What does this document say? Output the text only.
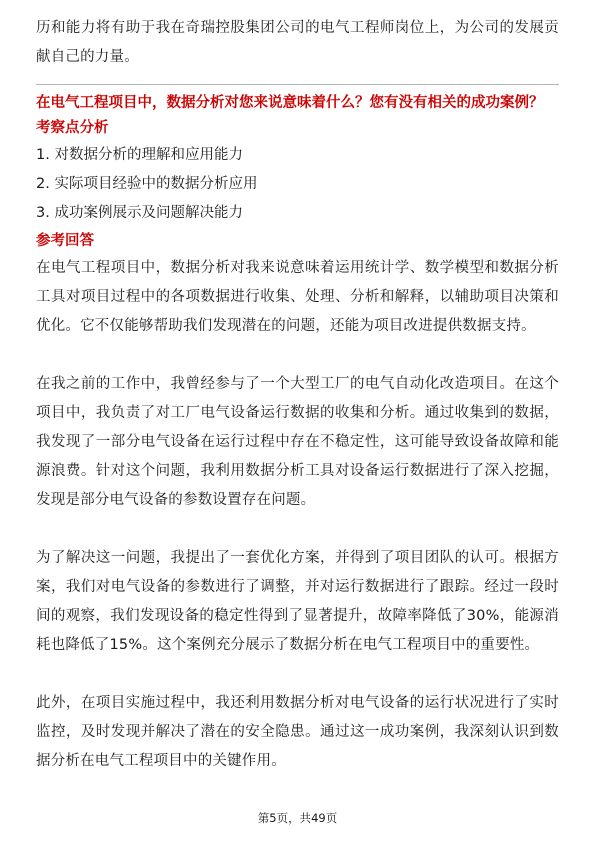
历和能力将有助于我在奇瑞控股集团公司的电气工程师岗位上，为公司的发展贡献自己的力量。

在电气工程项目中，数据分析对您来说意味着什么？您有没有相关的成功案例？

考察点分析

1. 对数据分析的理解和应用能力
2. 实际项目经验中的数据分析应用
3. 成功案例展示及问题解决能力

参考回答

在电气工程项目中，数据分析对我来说意味着运用统计学、数学模型和数据分析工具对项目过程中的各项数据进行收集、处理、分析和解释，以辅助项目决策和优化。它不仅能够帮助我们发现潜在的问题，还能为项目改进提供数据支持。

在我之前的工作中，我曾经参与了一个大型工厂的电气自动化改造项目。在这个项目中，我负责了对工厂电气设备运行数据的收集和分析。通过收集到的数据，我发现了一部分电气设备在运行过程中存在不稳定性，这可能导致设备故障和能源浪费。针对这个问题，我利用数据分析工具对设备运行数据进行了深入挖掘，发现是部分电气设备的参数设置存在问题。

为了解决这一问题，我提出了一套优化方案，并得到了项目团队的认可。根据方案，我们对电气设备的参数进行了调整，并对运行数据进行了跟踪。经过一段时间的观察，我们发现设备的稳定性得到了显著提升，故障率降低了30%，能源消耗也降低了15%。这个案例充分展示了数据分析在电气工程项目中的重要性。

此外，在项目实施过程中，我还利用数据分析对电气设备的运行状况进行了实时监控，及时发现并解决了潜在的安全隐患。通过这一成功案例，我深刻认识到数据分析在电气工程项目中的关键作用。

第5页，共49页
